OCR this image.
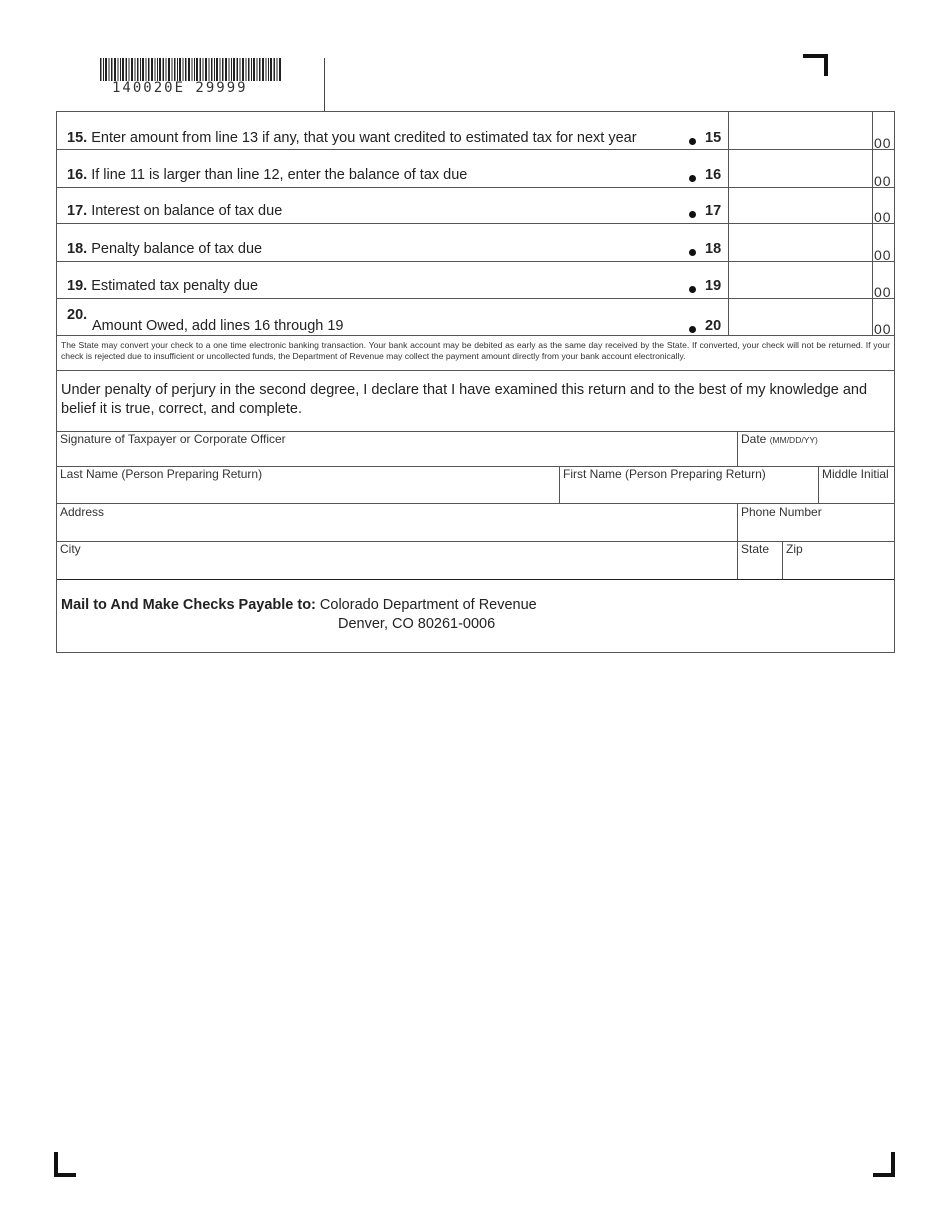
140020E 29999
15. Enter amount from line 13 if any, that you want credited to estimated tax for next year	15	00
16. If line 11 is larger than line 12, enter the balance of tax due	16	00
17. Interest on balance of tax due	17	00
18. Penalty balance of tax due	18	00
19. Estimated tax penalty due	19	00
20.
Amount Owed, add lines 16 through 19	20	00
The State may convert your check to a one time electronic banking transaction. Your bank account may be debited as early as the same day received by the State. If converted, your check will not be returned. If your check is rejected due to insufficient or uncollected funds, the Department of Revenue may collect the payment amount directly from your bank account electronically.
Under penalty of perjury in the second degree, I declare that I have examined this return and to the best of my knowledge and belief it is true, correct, and complete.
Signature of Taxpayer or Corporate Officer	Date (MM/DD/YY)
Last Name (Person Preparing Return)	First Name (Person Preparing Return)	Middle Initial
Address	Phone Number
City	State Zip
Mail to And Make Checks Payable to: Colorado Department of Revenue
Denver, CO 80261-0006
